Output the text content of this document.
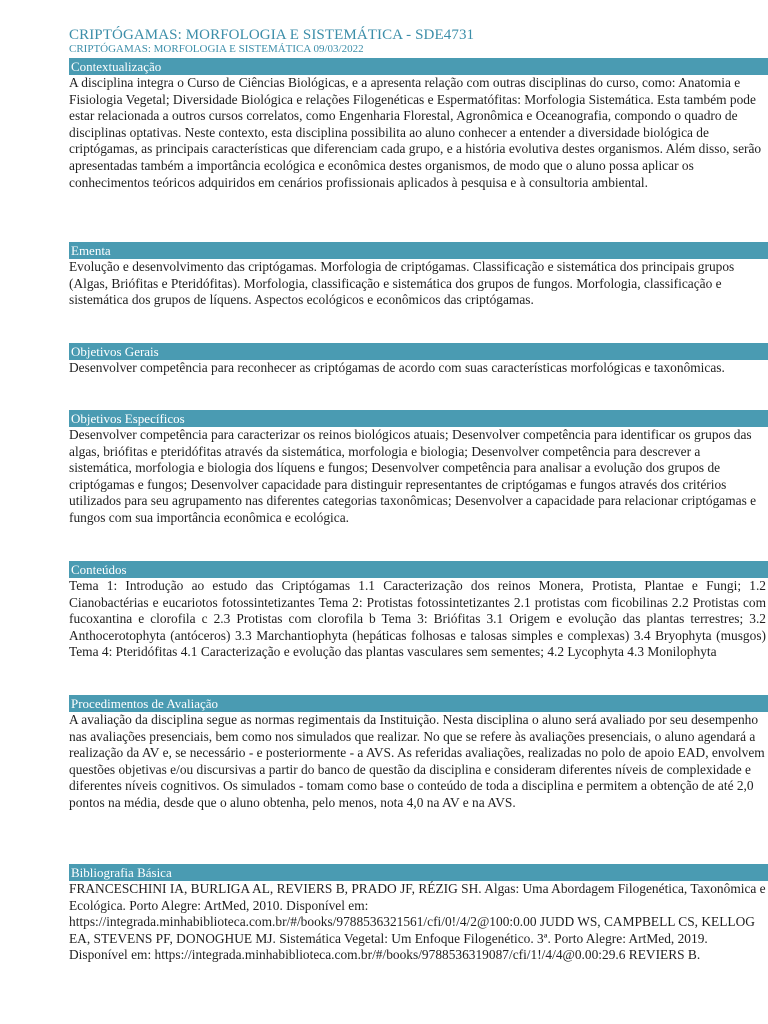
CRIPTÓGAMAS: MORFOLOGIA E SISTEMÁTICA - SDE4731
CRIPTÓGAMAS: MORFOLOGIA E SISTEMÁTICA 09/03/2022
Contextualização
A disciplina integra o Curso de Ciências Biológicas, e a apresenta relação com outras disciplinas do curso, como: Anatomia e Fisiologia Vegetal; Diversidade Biológica e relações Filogenéticas e Espermatófitas: Morfologia Sistemática. Esta também pode estar relacionada a outros cursos correlatos, como Engenharia Florestal, Agronômica e Oceanografia, compondo o quadro de disciplinas optativas. Neste contexto, esta disciplina possibilita ao aluno conhecer a entender a diversidade biológica de criptógamas, as principais características que diferenciam cada grupo, e a história evolutiva destes organismos. Além disso, serão apresentadas também a importância ecológica e econômica destes organismos, de modo que o aluno possa aplicar os conhecimentos teóricos adquiridos em cenários profissionais aplicados à pesquisa e à consultoria ambiental.
Ementa
Evolução e desenvolvimento das criptógamas. Morfologia de criptógamas. Classificação e sistemática dos principais grupos (Algas, Briófitas e Pteridófitas). Morfologia, classificação e sistemática dos grupos de fungos. Morfologia, classificação e sistemática dos grupos de líquens. Aspectos ecológicos e econômicos das criptógamas.
Objetivos Gerais
Desenvolver competência para reconhecer as criptógamas de acordo com suas características morfológicas e taxonômicas.
Objetivos Específicos
Desenvolver competência para caracterizar os reinos biológicos atuais; Desenvolver competência para identificar os grupos das algas, briófitas e pteridófitas através da sistemática, morfologia e biologia; Desenvolver competência para descrever a sistemática, morfologia e biologia dos líquens e fungos; Desenvolver competência para analisar a evolução dos grupos de criptógamas e fungos; Desenvolver capacidade para distinguir representantes de criptógamas e fungos através dos critérios utilizados para seu agrupamento nas diferentes categorias taxonômicas; Desenvolver a capacidade para relacionar criptógamas e fungos com sua importância econômica e ecológica.
Conteúdos
Tema 1: Introdução ao estudo das Criptógamas 1.1 Caracterização dos reinos Monera, Protista, Plantae e Fungi; 1.2 Cianobactérias e eucariotos fotossintetizantes Tema 2: Protistas fotossintetizantes 2.1 protistas com ficobilinas 2.2 Protistas com fucoxantina e clorofila c 2.3 Protistas com clorofila b Tema 3: Briófitas 3.1 Origem e evolução das plantas terrestres; 3.2 Anthocerotophyta (antóceros) 3.3 Marchantiophyta (hepáticas folhosas e talosas simples e complexas) 3.4 Bryophyta (musgos) Tema 4: Pteridófitas 4.1 Caracterização e evolução das plantas vasculares sem sementes; 4.2 Lycophyta 4.3 Monilophyta
Procedimentos de Avaliação
A avaliação da disciplina segue as normas regimentais da Instituição. Nesta disciplina o aluno será avaliado por seu desempenho nas avaliações presenciais, bem como nos simulados que realizar. No que se refere às avaliações presenciais, o aluno agendará a realização da AV e, se necessário - e posteriormente - a AVS. As referidas avaliações, realizadas no polo de apoio EAD, envolvem questões objetivas e/ou discursivas a partir do banco de questão da disciplina e consideram diferentes níveis de complexidade e diferentes níveis cognitivos. Os simulados - tomam como base o conteúdo de toda a disciplina e permitem a obtenção de até 2,0 pontos na média, desde que o aluno obtenha, pelo menos, nota 4,0 na AV e na AVS.
Bibliografia Básica
FRANCESCHINI IA, BURLIGA AL, REVIERS B, PRADO JF, RÉZIG SH. Algas: Uma Abordagem Filogenética, Taxonômica e Ecológica. Porto Alegre: ArtMed, 2010. Disponível em: https://integrada.minhabiblioteca.com.br/#/books/9788536321561/cfi/0!/4/2@100:0.00 JUDD WS, CAMPBELL CS, KELLOG EA, STEVENS PF, DONOGHUE MJ. Sistemática Vegetal: Um Enfoque Filogenético. 3ª. Porto Alegre: ArtMed, 2019. Disponível em: https://integrada.minhabiblioteca.com.br/#/books/9788536319087/cfi/1!/4/4@0.00:29.6 REVIERS B.
